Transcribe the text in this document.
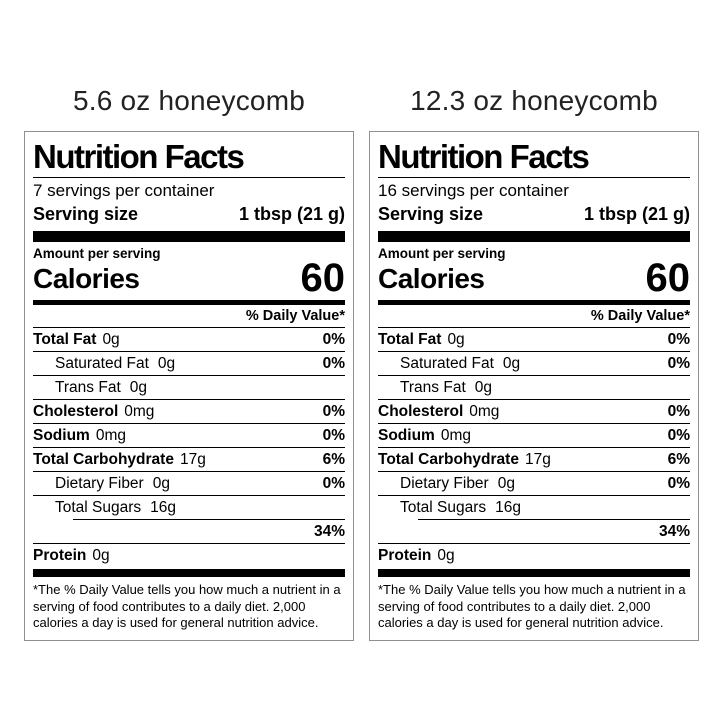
5.6 oz honeycomb
Nutrition Facts
7 servings per container
Serving size	1 tbsp (21 g)
Amount per serving
Calories	60
% Daily Value*
Total Fat 0g	0%
Saturated Fat 0g	0%
Trans Fat 0g
Cholesterol 0mg	0%
Sodium 0mg	0%
Total Carbohydrate 17g	6%
Dietary Fiber 0g	0%
Total Sugars 16g
34%
Protein 0g
*The % Daily Value tells you how much a nutrient in a serving of food contributes to a daily diet. 2,000 calories a day is used for general nutrition advice.
12.3 oz honeycomb
Nutrition Facts
16 servings per container
Serving size	1 tbsp (21 g)
Amount per serving
Calories	60
% Daily Value*
Total Fat 0g	0%
Saturated Fat 0g	0%
Trans Fat 0g
Cholesterol 0mg	0%
Sodium 0mg	0%
Total Carbohydrate 17g	6%
Dietary Fiber 0g	0%
Total Sugars 16g
34%
Protein 0g
*The % Daily Value tells you how much a nutrient in a serving of food contributes to a daily diet. 2,000 calories a day is used for general nutrition advice.
